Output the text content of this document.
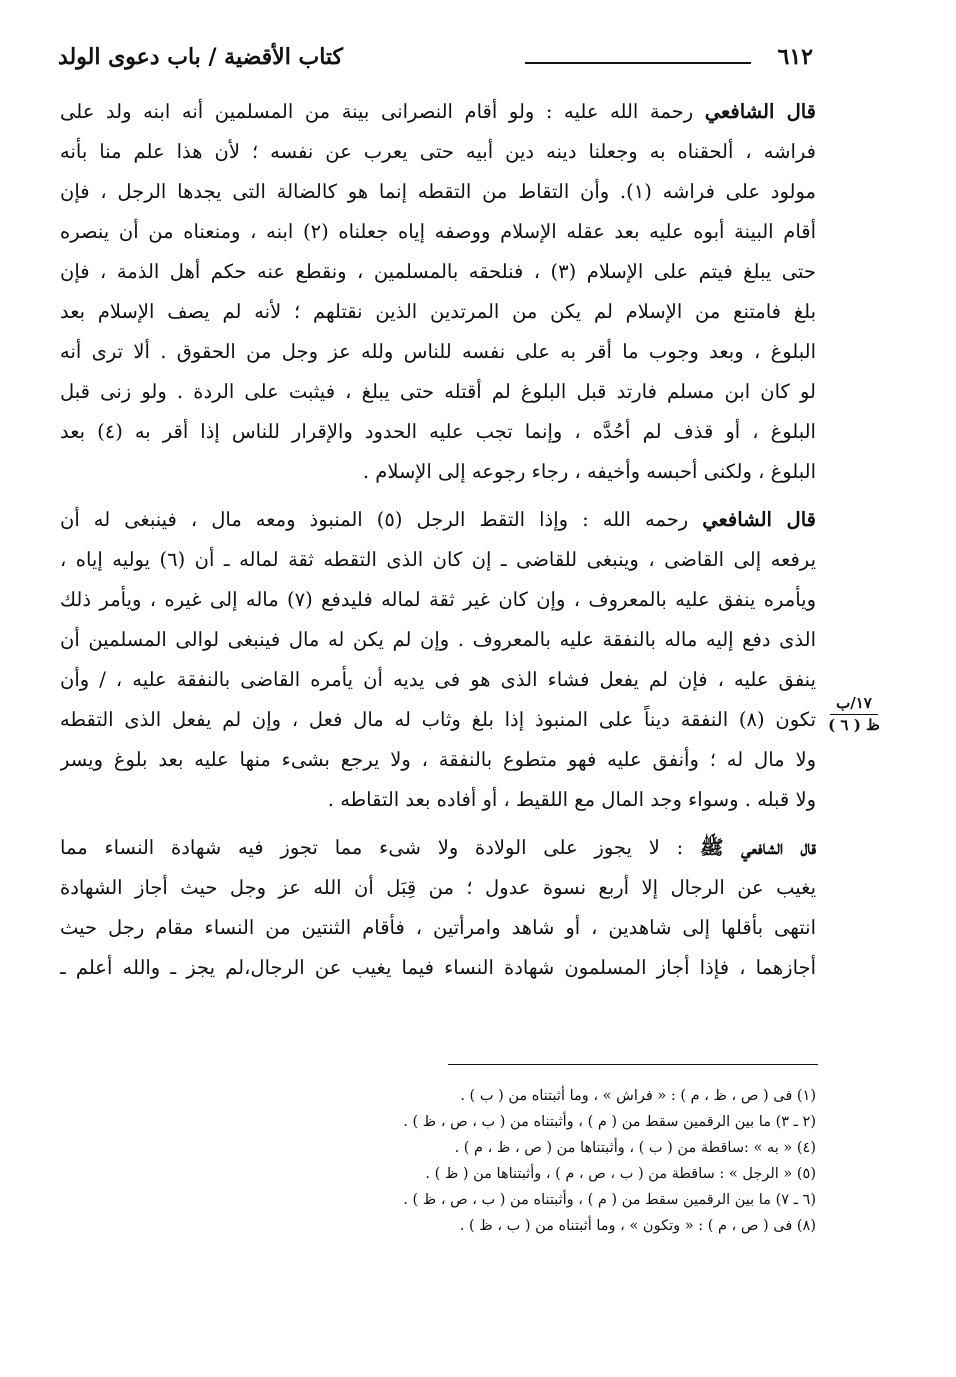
٦١٢
كتاب الأقضية / باب دعوى الولد
قال الشافعي رحمة الله عليه : ولو أقام النصرانى بينة من المسلمين أنه ابنه ولد على
فراشه ، ألحقناه به وجعلنا دينه دين أبيه حتى يعرب عن نفسه ؛ لأن هذا علم منا بأنه
مولود على فراشه (١). وأن التقاط من التقطه إنما هو كالضالة التى يجدها الرجل ، فإن
أقام البينة أبوه عليه بعد عقله الإسلام ووصفه إياه جعلناه (٢) ابنه ، ومنعناه من أن ينصره
حتى يبلغ فيتم على الإسلام (٣) ، فنلحقه بالمسلمين ، ونقطع عنه حكم أهل الذمة ، فإن
بلغ فامتنع من الإسلام لم يكن من المرتدين الذين نقتلهم ؛ لأنه لم يصف الإسلام بعد
البلوغ ، وبعد وجوب ما أقر به على نفسه للناس ولله عز وجل من الحقوق . ألا ترى أنه
لو كان ابن مسلم فارتد قبل البلوغ لم أقتله حتى يبلغ ، فيثبت على الردة . ولو زنى قبل
البلوغ ، أو قذف لم أحُدَّه ، وإنما تجب عليه الحدود والإقرار للناس إذا أقر به (٤) بعد
البلوغ ، ولكنى أحبسه وأخيفه ، رجاء رجوعه إلى الإسلام .
قال الشافعي رحمه الله : وإذا التقط الرجل (٥) المنبوذ ومعه مال ، فينبغى له أن
يرفعه إلى القاضى ، وينبغى للقاضى ـ إن كان الذى التقطه ثقة لماله ـ أن (٦) يوليه إياه ،
ويأمره ينفق عليه بالمعروف ، وإن كان غير ثقة لماله فليدفع (٧) ماله إلى غيره ، ويأمر ذلك
الذى دفع إليه ماله بالنفقة عليه بالمعروف . وإن لم يكن له مال فينبغى لوالى المسلمين أن
ينفق عليه ، فإن لم يفعل فشاء الذى هو فى يديه أن يأمره القاضى بالنفقة عليه ، / وأن
تكون (٨) النفقة ديناً على المنبوذ إذا بلغ وثاب له مال فعل ، وإن لم يفعل الذى التقطه
ولا مال له ؛ وأنفق عليه فهو متطوع بالنفقة ، ولا يرجع بشىء منها عليه بعد بلوغ ويسر
ولا قبله . وسواء وجد المال مع اللقيط ، أو أفاده بعد التقاطه .
قال الشافعي ﷺ : لا يجوز على الولادة ولا شىء مما تجوز فيه شهادة النساء مما
يغيب عن الرجال إلا أربع نسوة عدول ؛ من قِبَل أن الله عز وجل حيث أجاز الشهادة
انتهى بأقلها إلى شاهدين ، أو شاهد وامرأتين ، فأقام الثنتين من النساء مقام رجل حيث
أجازهما ، فإذا أجاز المسلمون شهادة النساء فيما يغيب عن الرجال،لم يجز ـ والله أعلم ـ
١٧/ب
ظ ( ٦ )
(١) فى ( ص ، ظ ، م ) : « فراش » ، وما أثبتناه من ( ب ) .
(٢ ـ ٣) ما بين الرقمين سقط من ( م ) ، وأثبتناه من ( ب ، ص ، ظ ) .
(٤) « به » :ساقطة من ( ب ) ، وأثبتناها من ( ص ، ظ ، م ) .
(٥) « الرجل » : ساقطة من ( ب ، ص ، م ) ، وأثبتناها من ( ظ ) .
(٦ ـ ٧) ما بين الرقمين سقط من ( م ) ، وأثبتناه من ( ب ، ص ، ظ ) .
(٨) فى ( ص ، م ) : « وتكون » ، وما أثبتناه من ( ب ، ظ ) .
